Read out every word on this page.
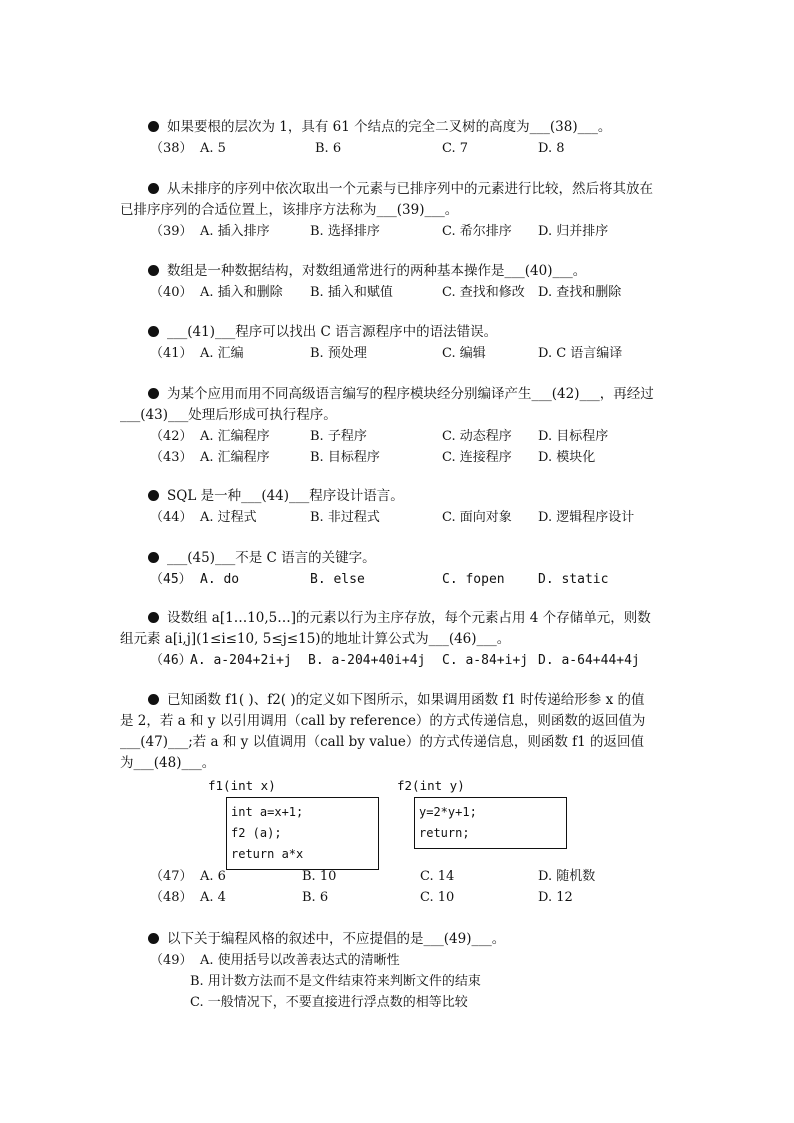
如果要根的层次为 1，具有 61 个结点的完全二叉树的高度为___(38)___。

（38） A. 5	B. 6	C. 7	D. 8

从未排序的序列中依次取出一个元素与已排序列中的元素进行比较，然后将其放在

已排序序列的合适位置上，该排序方法称为___(39)___。

（39） A. 插入排序	B. 选择排序	C. 希尔排序 D. 归并排序

数组是一种数据结构，对数组通常进行的两种基本操作是___(40)___。

（40） A. 插入和删除 B. 插入和赋值	C. 查找和修改 D. 查找和删除

___(41)___程序可以找出 C 语言源程序中的语法错误。

（41） A. 汇编	B. 预处理	C. 编辑	D. C 语言编译

为某个应用而用不同高级语言编写的程序模块经分别编译产生___(42)___，再经过

___(43)___处理后形成可执行程序。

（42） A. 汇编程序	B. 子程序	C. 动态程序 D. 目标程序
（43） A. 汇编程序	B. 目标程序	C. 连接程序 D. 模块化

SQL 是一种___(44)___程序设计语言。

（44） A. 过程式	B. 非过程式	C. 面向对象 D. 逻辑程序设计

___(45)___不是 C 语言的关键字。

（45） A. do	B. else	C. fopen	D. static

设数组 a[1…10,5…]的元素以行为主序存放，每个元素占用 4 个存储单元，则数

组元素 a[i,j](1≤i≤10, 5≤j≤15)的地址计算公式为___(46)___。

（46）
A. a-204+2i+j B. a-204+40i+4j C. a-84+i+j D. a-64+44+4j

已知函数 f1( )、f2( )的定义如下图所示，如果调用函数 f1 时传递给形参 x 的值

是 2，若 a 和 y 以引用调用（call by reference）的方式传递信息，则函数的返回值为

___(47)___;若 a 和 y 以值调用（call by value）的方式传递信息，则函数 f1 的返回值

为___(48)___。

f1(int x)
int a=x+1;
f2 (a);
return a*x
f2(int y)
y=2*y+1;
return;
（47） A. 6	B. 10	C. 14	D. 随机数
（48） A. 4	B. 6	C. 10	D. 12

以下关于编程风格的叙述中，不应提倡的是___(49)___。

（49） A. 使用括号以改善表达式的清晰性
B. 用计数方法而不是文件结束符来判断文件的结束
C. 一般情况下，不要直接进行浮点数的相等比较
